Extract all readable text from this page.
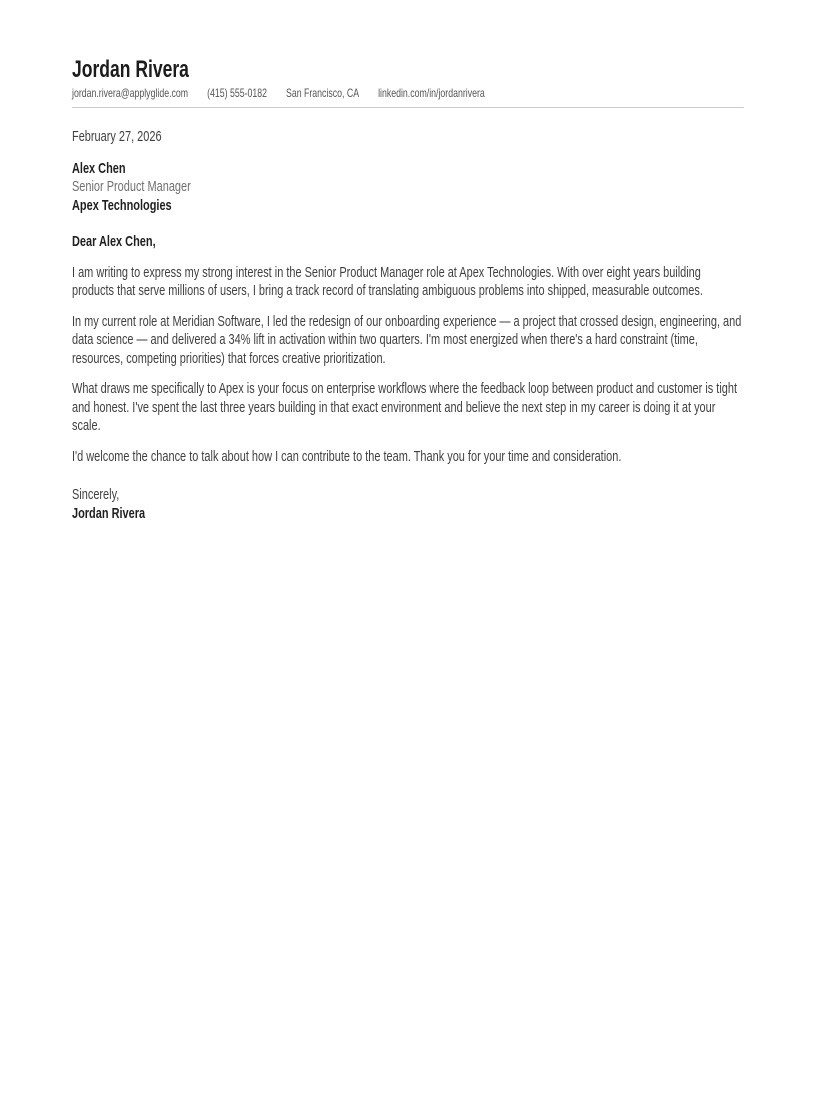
Jordan Rivera
jordan.rivera@applyglide.com (415) 555-0182 San Francisco, CA linkedin.com/in/jordanrivera
February 27, 2026
Alex Chen
Senior Product Manager
Apex Technologies
Dear Alex Chen,

I am writing to express my strong interest in the Senior Product Manager role at Apex Technologies. With over eight years building products that serve millions of users, I bring a track record of translating ambiguous problems into shipped, measurable outcomes.

In my current role at Meridian Software, I led the redesign of our onboarding experience — a project that crossed design, engineering, and data science — and delivered a 34% lift in activation within two quarters. I'm most energized when there's a hard constraint (time, resources, competing priorities) that forces creative prioritization.

What draws me specifically to Apex is your focus on enterprise workflows where the feedback loop between product and customer is tight and honest. I've spent the last three years building in that exact environment and believe the next step in my career is doing it at your scale.

I'd welcome the chance to talk about how I can contribute to the team. Thank you for your time and consideration.

Sincerely,
Jordan Rivera
